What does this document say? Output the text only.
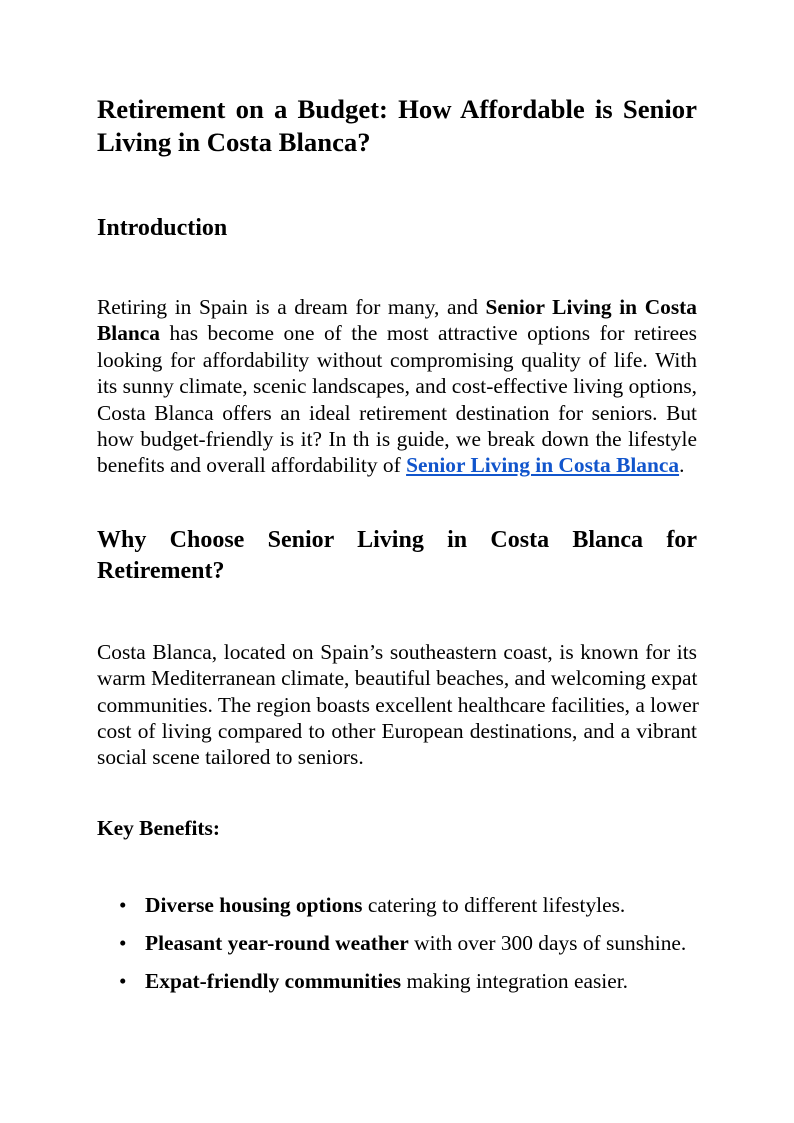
Retirement on a Budget: How Affordable is Senior
Living in Costa Blanca?
Introduction
Retiring in Spain is a dream for many, and Senior Living in Costa
Blanca has become one of the most attractive options for retirees
looking for affordability without compromising quality of life. With
its sunny climate, scenic landscapes, and cost-effective living options,
Costa Blanca offers an ideal retirement destination for seniors. But
how budget-friendly is it? In th is guide, we break down the lifestyle
benefits and overall affordability of Senior Living in Costa Blanca.
Why Choose Senior Living in Costa Blanca for
Retirement?
Costa Blanca, located on Spain’s southeastern coast, is known for its
warm Mediterranean climate, beautiful beaches, and welcoming expat
communities. The region boasts excellent healthcare facilities, a lower
cost of living compared to other European destinations, and a vibrant
social scene tailored to seniors.
Key Benefits:
• Diverse housing options catering to different lifestyles.
• Pleasant year-round weather with over 300 days of sunshine.
• Expat-friendly communities making integration easier.
